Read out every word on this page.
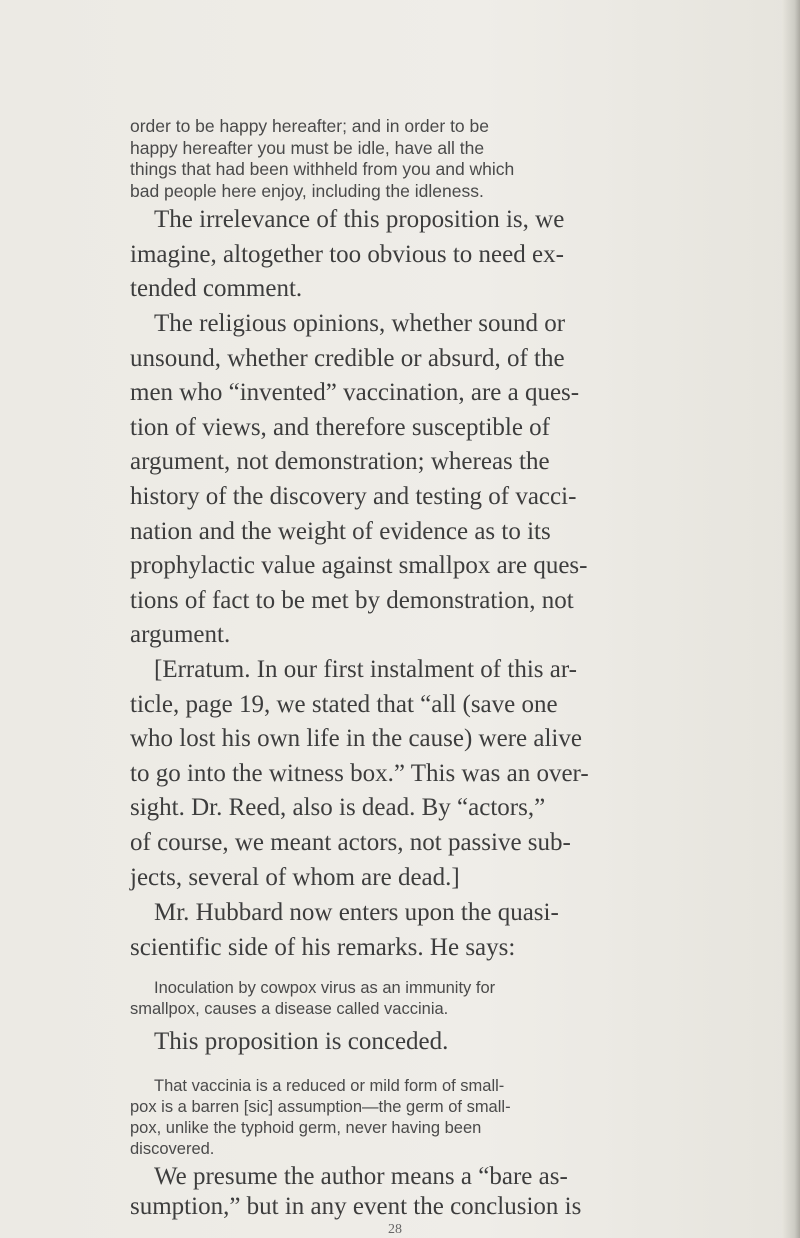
order to be happy hereafter; and in order to be
happy hereafter you must be idle, have all the
things that had been withheld from you and which
bad people here enjoy, including the idleness.

The irrelevance of this proposition is, we
imagine, altogether too obvious to need ex-
tended comment.

The religious opinions, whether sound or
unsound, whether credible or absurd, of the
men who “invented” vaccination, are a ques-
tion of views, and therefore susceptible of
argument, not demonstration; whereas the
history of the discovery and testing of vacci-
nation and the weight of evidence as to its
prophylactic value against smallpox are ques-
tions of fact to be met by demonstration, not
argument.

[Erratum. In our first instalment of this ar-
ticle, page 19, we stated that “all (save one
who lost his own life in the cause) were alive
to go into the witness box.” This was an over-
sight. Dr. Reed, also is dead. By “actors,”
of course, we meant actors, not passive sub-
jects, several of whom are dead.]

Mr. Hubbard now enters upon the quasi-
scientific side of his remarks. He says:

Inoculation by cowpox virus as an immunity for
smallpox, causes a disease called vaccinia.

This proposition is conceded.

That vaccinia is a reduced or mild form of small-
pox is a barren [sic] assumption—the germ of small-
pox, unlike the typhoid germ, never having been
discovered.

We presume the author means a “bare as-
sumption,” but in any event the conclusion is

28
